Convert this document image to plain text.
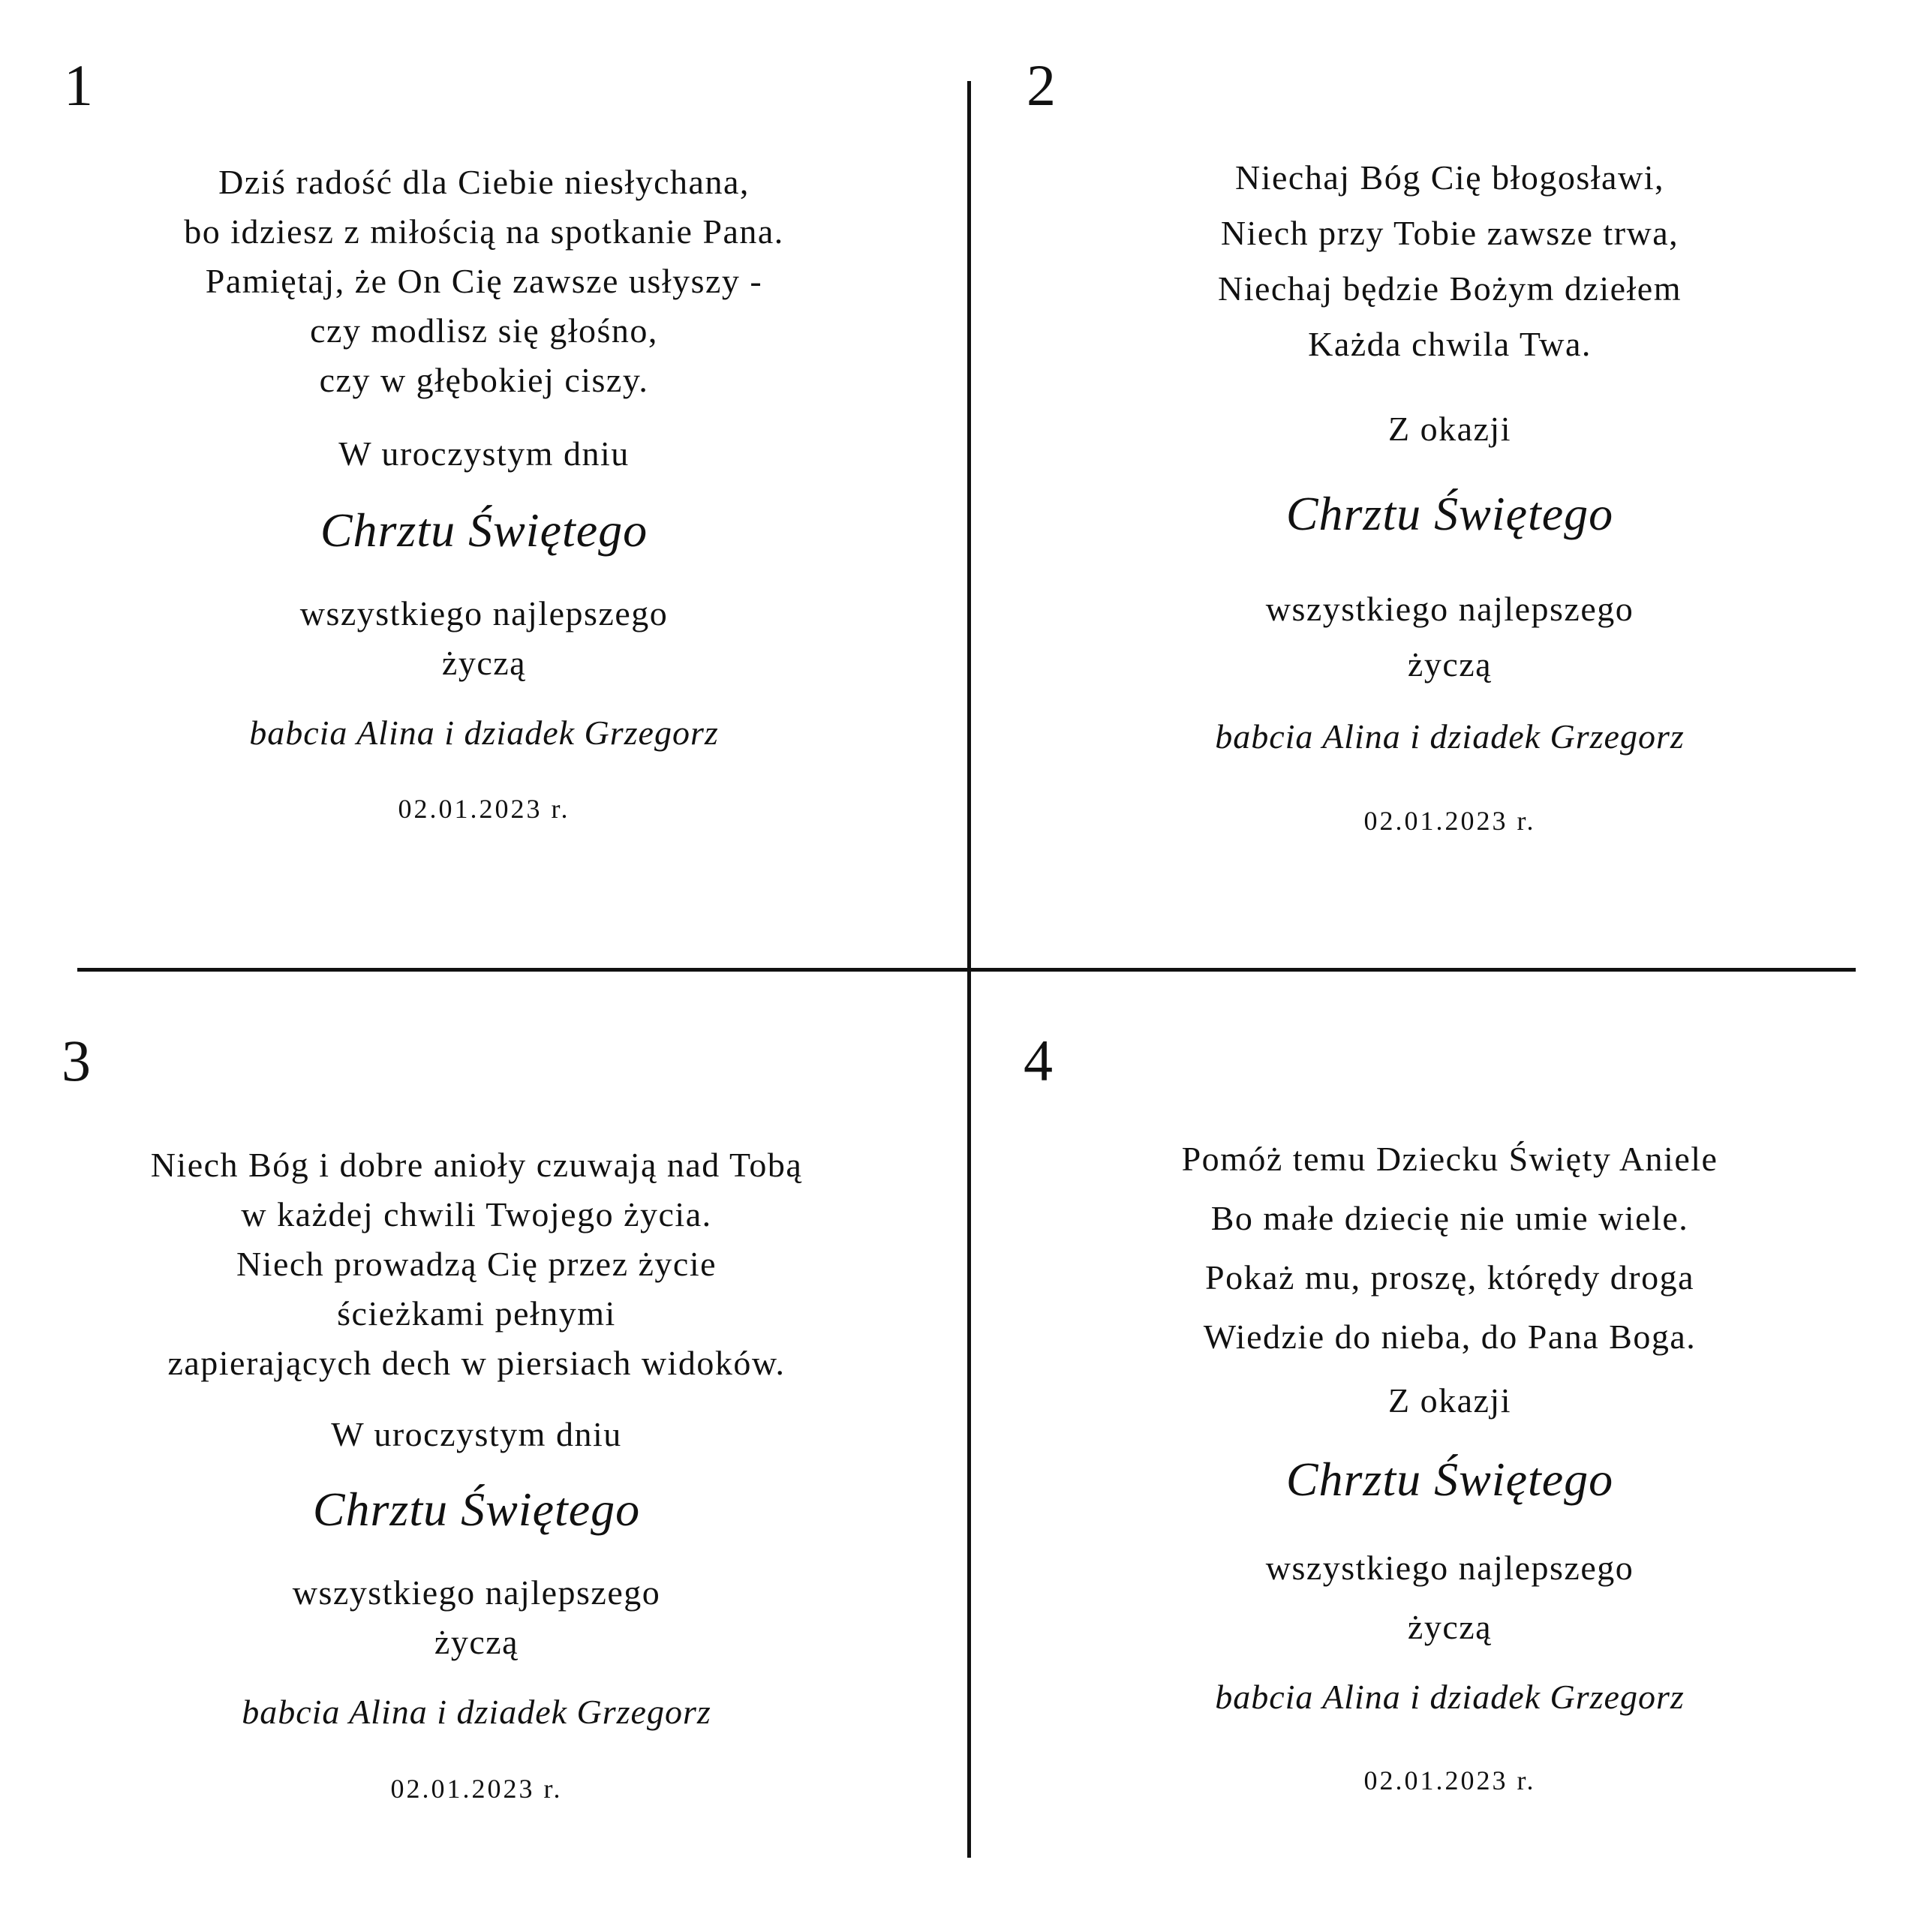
1
Dziś radość dla Ciebie niesłychana,
bo idziesz z miłością na spotkanie Pana.
Pamiętaj, że On Cię zawsze usłyszy -
czy modlisz się głośno,
czy w głębokiej ciszy.
W uroczystym dniu
Chrztu Świętego
wszystkiego najlepszego
życzą
babcia Alina i dziadek Grzegorz
02.01.2023 r.
2
Niechaj Bóg Cię błogosławi,
Niech przy Tobie zawsze trwa,
Niechaj będzie Bożym dziełem
Każda chwila Twa.
Z okazji
Chrztu Świętego
wszystkiego najlepszego
życzą
babcia Alina i dziadek Grzegorz
02.01.2023 r.
3
Niech Bóg i dobre anioły czuwają nad Tobą
w każdej chwili Twojego życia.
Niech prowadzą Cię przez życie
ścieżkami pełnymi
zapierających dech w piersiach widoków.
W uroczystym dniu
Chrztu Świętego
wszystkiego najlepszego
życzą
babcia Alina i dziadek Grzegorz
02.01.2023 r.
4
Pomóż temu Dziecku Święty Aniele
Bo małe dziecię nie umie wiele.
Pokaż mu, proszę, którędy droga
Wiedzie do nieba, do Pana Boga.
Z okazji
Chrztu Świętego
wszystkiego najlepszego
życzą
babcia Alina i dziadek Grzegorz
02.01.2023 r.
